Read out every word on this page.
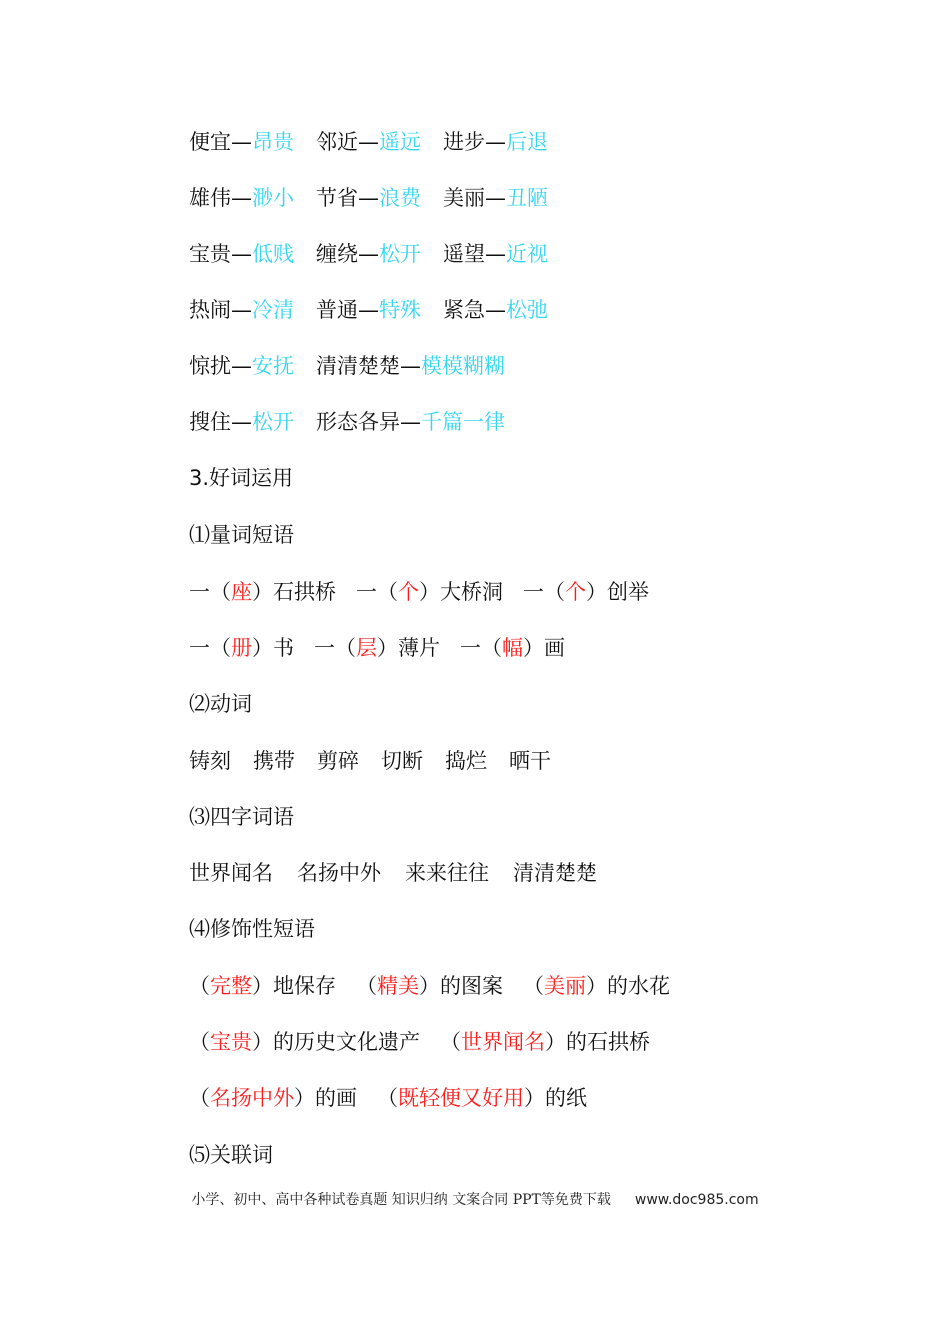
便宜—昂贵 邻近—遥远 进步—后退
雄伟—渺小 节省—浪费 美丽—丑陋
宝贵—低贱 缠绕—松开 遥望—近视
热闹—冷清 普通—特殊 紧急—松弛
惊扰—安抚 清清楚楚—模模糊糊
搜住—松开 形态各异—千篇一律
3.好词运用
⑴量词短语
一（座）石拱桥 一（个）大桥洞 一（个）创举
一（册）书 一（层）薄片 一（幅）画
⑵动词
铸刻 携带 剪碎 切断 捣烂 晒干
⑶四字词语
世界闻名 名扬中外 来来往往 清清楚楚
⑷修饰性短语
（完整）地保存 （精美）的图案 （美丽）的水花
（宝贵）的历史文化遗产 （世界闻名）的石拱桥
（名扬中外）的画 （既轻便又好用）的纸
⑸关联词
小学、初中、高中各种试卷真题 知识归纳 文案合同 PPT等免费下载 www.doc985.com
